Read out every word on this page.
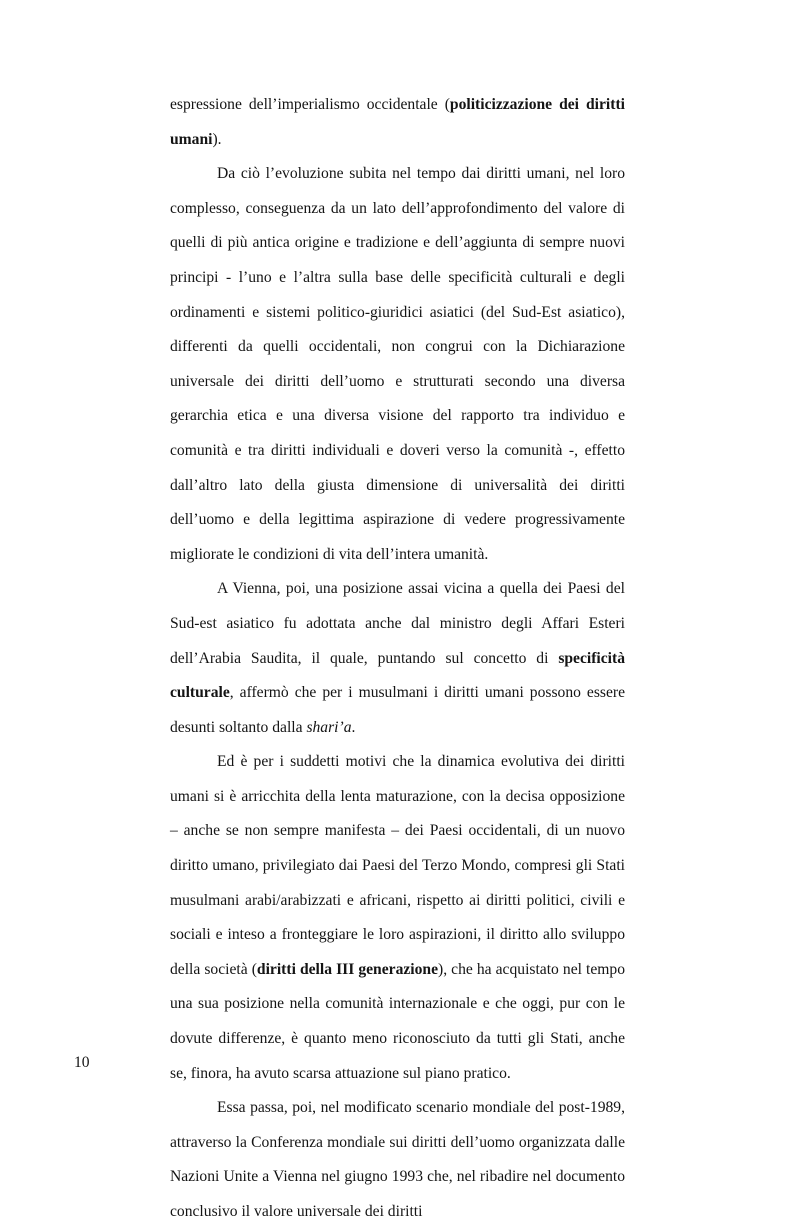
espressione dell’imperialismo occidentale (politicizzazione dei diritti umani).

Da ciò l’evoluzione subita nel tempo dai diritti umani, nel loro complesso, conseguenza da un lato dell’approfondimento del valore di quelli di più antica origine e tradizione e dell’aggiunta di sempre nuovi principi - l’uno e l’altra sulla base delle specificità culturali e degli ordinamenti e sistemi politico-giuridici asiatici (del Sud-Est asiatico), differenti da quelli occidentali, non congrui con la Dichiarazione universale dei diritti dell’uomo e strutturati secondo una diversa gerarchia etica e una diversa visione del rapporto tra individuo e comunità e tra diritti individuali e doveri verso la comunità -, effetto dall’altro lato della giusta dimensione di universalità dei diritti dell’uomo e della legittima aspirazione di vedere progressivamente migliorate le condizioni di vita dell’intera umanità.

A Vienna, poi, una posizione assai vicina a quella dei Paesi del Sud-est asiatico fu adottata anche dal ministro degli Affari Esteri dell’Arabia Saudita, il quale, puntando sul concetto di specificità culturale, affermò che per i musulmani i diritti umani possono essere desunti soltanto dalla shari’a.

Ed è per i suddetti motivi che la dinamica evolutiva dei diritti umani si è arricchita della lenta maturazione, con la decisa opposizione – anche se non sempre manifesta – dei Paesi occidentali, di un nuovo diritto umano, privilegiato dai Paesi del Terzo Mondo, compresi gli Stati musulmani arabi/arabizzati e africani, rispetto ai diritti politici, civili e sociali e inteso a fronteggiare le loro aspirazioni, il diritto allo sviluppo della società (diritti della III generazione), che ha acquistato nel tempo una sua posizione nella comunità internazionale e che oggi, pur con le dovute differenze, è quanto meno riconosciuto da tutti gli Stati, anche se, finora, ha avuto scarsa attuazione sul piano pratico.

Essa passa, poi, nel modificato scenario mondiale del post-1989, attraverso la Conferenza mondiale sui diritti dell’uomo organizzata dalle Nazioni Unite a Vienna nel giugno 1993 che, nel ribadire nel documento conclusivo il valore universale dei diritti

10
